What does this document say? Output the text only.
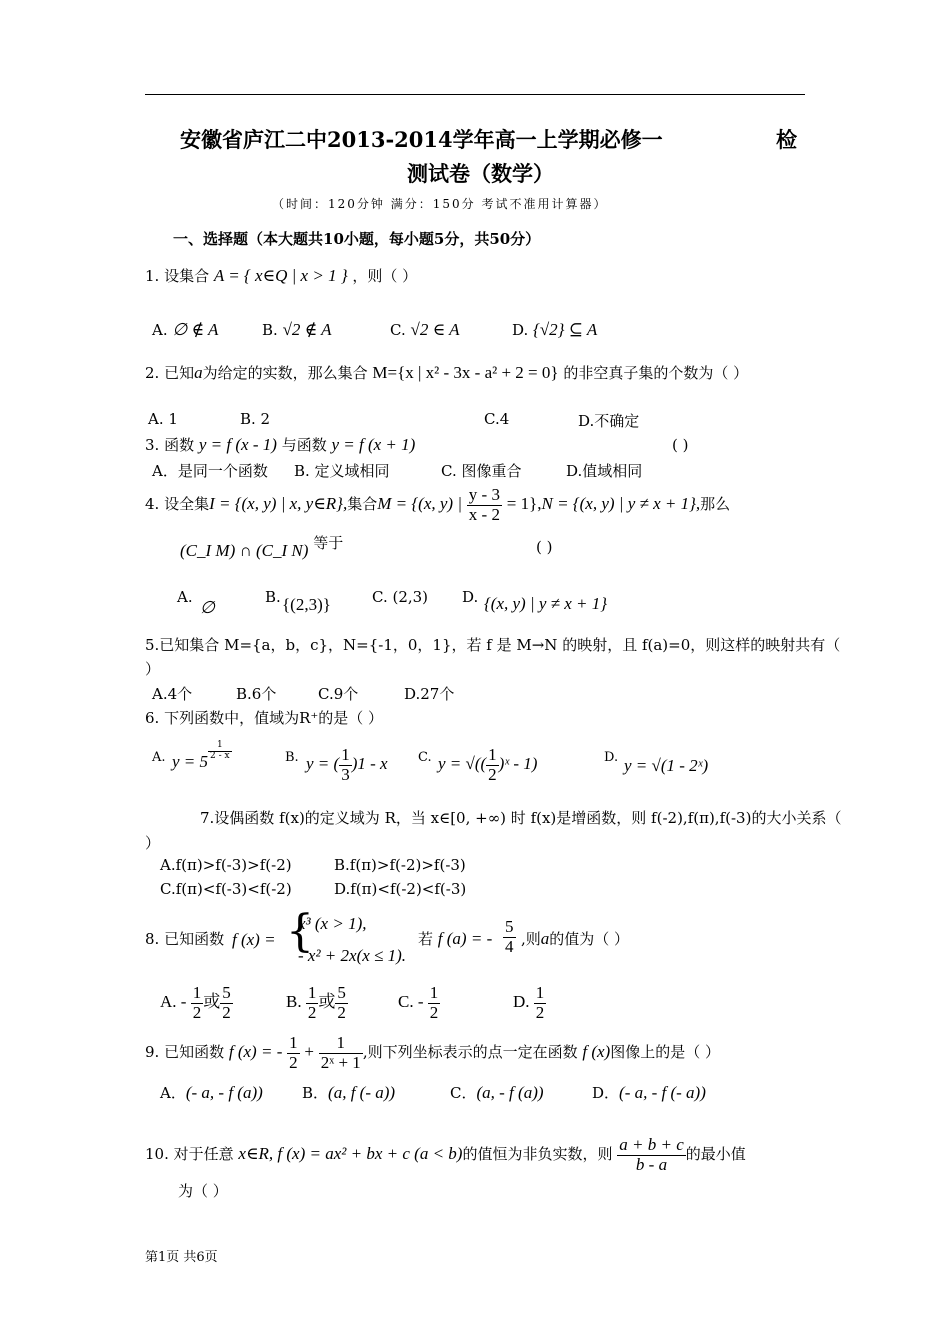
安徽省庐江二中2013-2014学年高一上学期必修一	检
测试卷（数学）
（时间：120分钟 满分：150分 考试不准用计算器）
一、选择题（本大题共10小题，每小题5分，共50分）
1. 设集合 A = { x∈Q | x > 1 } ，则（ ）
A. ∅ ∉ A	B. √2 ∉ A	C. √2 ∈ A	D. {√2} ⊆ A
2. 已知a为给定的实数，那么集合 M={x | x² - 3x - a² + 2 = 0} 的非空真子集的个数为（ ）
A. 1	B. 2	C.4	D.不确定
3. 函数 y = f (x - 1) 与函数 y = f (x + 1)	( )
A．是同一个函数 B. 定义域相同	C. 图像重合	D.值域相同
4. 设全集I = {(x, y) | x, y∈R},集合M = {(x, y) | $\frac{y - 3}{x - 2} = 1\},N = \{(x$, y) | y ≠ x + 1},那么
(C_I M) ∩ (C_I N) 等于	( )
A.
∅
B. {(2,3)}	C. (2,3) D. {(x, y) | y ≠ x + 1}
5.已知集合 M={a，b，c}，N={-1，0，1}，若 f 是 M→N 的映射，且 f(a)=0，则这样的映射共有（
）
A.4个	B.6个	C.9个	D.27个
6. 下列函数中，值域为R⁺的是（ ）
A. y = 5
$\frac{1}{2 - x}$	B. y = ( $\frac{1}{3} )1$ - x C. y = √(( $\frac{1}{2}$ )ˣ - 1)	D. y = √(1 - 2ˣ)
7.设偶函数 f(x)的定义域为 R，当 x∈[0, +∞) 时 f(x)是增函数，则 f(-2),f(π),f(-3)的大小关系（
）
A.f(π)>f(-3)>f(-2)	B.f(π)>f(-2)>f(-3)
C.f(π)<f(-3)<f(-2)	D.f(π)<f(-2)<f(-3)
8. 已知函数 f (x) = {
x³ (x > 1),
- x² + 2x(x ≤ 1).
若 f (a) = - $\frac{5}{4}$ ,则a的值为（ ）
A. - $\frac{1}{2}$ 或 $\frac{5}{2}$	B. $\frac{1}{2}$ 或 $\frac{5}{2}$	C. - $\frac{1}{2}$	D. $\frac{1}{2}$
9. 已知函数 f (x) = - $\frac{1}{2} + \frac{1}{\text{2ˣ + 1}}$ ,则下列坐标表示的点一定在函数 f (x)图像上的是（ ）
A．(- a, - f (a))	B．(a, f (- a))	C．(a, - f (a))	D．(- a, - f (- a))
10. 对于任意 x∈R, f (x) = ax² + bx + c (a < b)的值恒为非负实数，则 $\frac{a + b + c}{b - a}$ 的最小值
为（ ）
第1页 共6页
